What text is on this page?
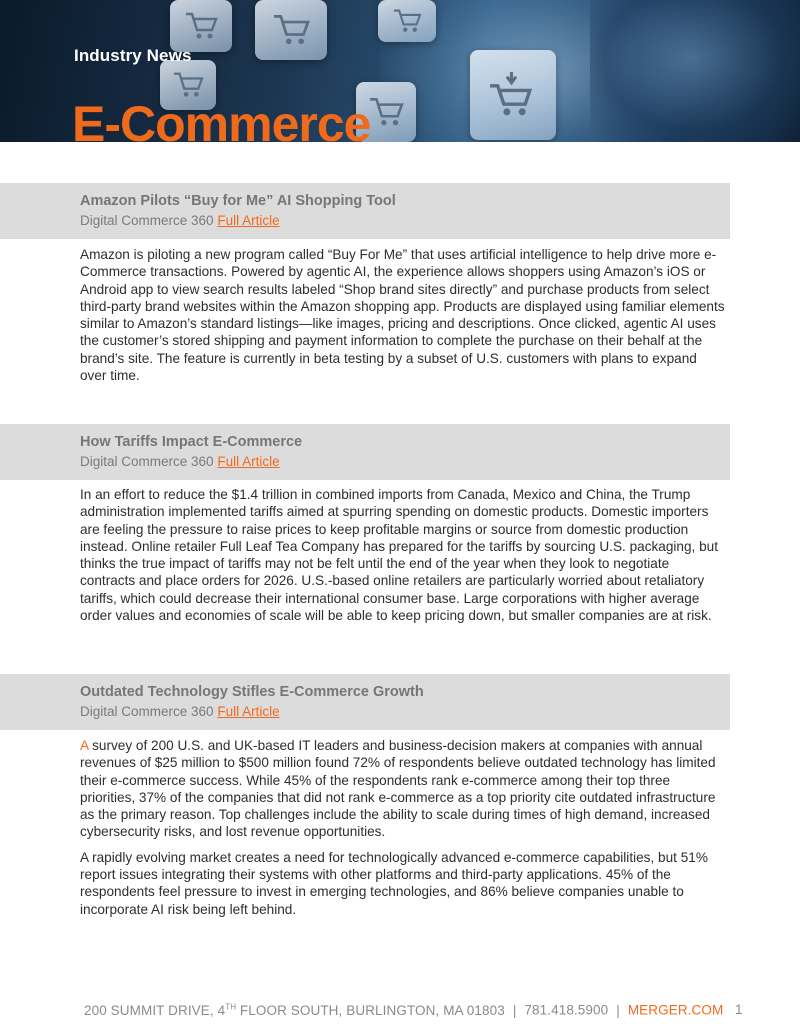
Industry News
E-Commerce
Amazon Pilots “Buy for Me” AI Shopping Tool
Digital Commerce 360 Full Article

Amazon is piloting a new program called “Buy For Me” that uses artificial intelligence to help drive more e-Commerce transactions. Powered by agentic AI, the experience allows shoppers using Amazon’s iOS or Android app to view search results labeled “Shop brand sites directly” and purchase products from select third-party brand websites within the Amazon shopping app. Products are displayed using familiar elements similar to Amazon’s standard listings—like images, pricing and descriptions. Once clicked, agentic AI uses the customer’s stored shipping and payment information to complete the purchase on their behalf at the brand’s site. The feature is currently in beta testing by a subset of U.S. customers with plans to expand over time.

How Tariffs Impact E-Commerce
Digital Commerce 360 Full Article

In an effort to reduce the $1.4 trillion in combined imports from Canada, Mexico and China, the Trump administration implemented tariffs aimed at spurring spending on domestic products. Domestic importers are feeling the pressure to raise prices to keep profitable margins or source from domestic production instead. Online retailer Full Leaf Tea Company has prepared for the tariffs by sourcing U.S. packaging, but thinks the true impact of tariffs may not be felt until the end of the year when they look to negotiate contracts and place orders for 2026. U.S.-based online retailers are particularly worried about retaliatory tariffs, which could decrease their international consumer base. Large corporations with higher average order values and economies of scale will be able to keep pricing down, but smaller companies are at risk.

Outdated Technology Stifles E-Commerce Growth
Digital Commerce 360 Full Article

A survey of 200 U.S. and UK-based IT leaders and business-decision makers at companies with annual revenues of $25 million to $500 million found 72% of respondents believe outdated technology has limited their e-commerce success. While 45% of the respondents rank e-commerce among their top three priorities, 37% of the companies that did not rank e-commerce as a top priority cite outdated infrastructure as the primary reason. Top challenges include the ability to scale during times of high demand, increased cybersecurity risks, and lost revenue opportunities.

A rapidly evolving market creates a need for technologically advanced e-commerce capabilities, but 51% report issues integrating their systems with other platforms and third-party applications. 45% of the respondents feel pressure to invest in emerging technologies, and 86% believe companies unable to incorporate AI risk being left behind.

200 SUMMIT DRIVE, 4TH FLOOR SOUTH, BURLINGTON, MA 01803 | 781.418.5900 | MERGER.COM 1
